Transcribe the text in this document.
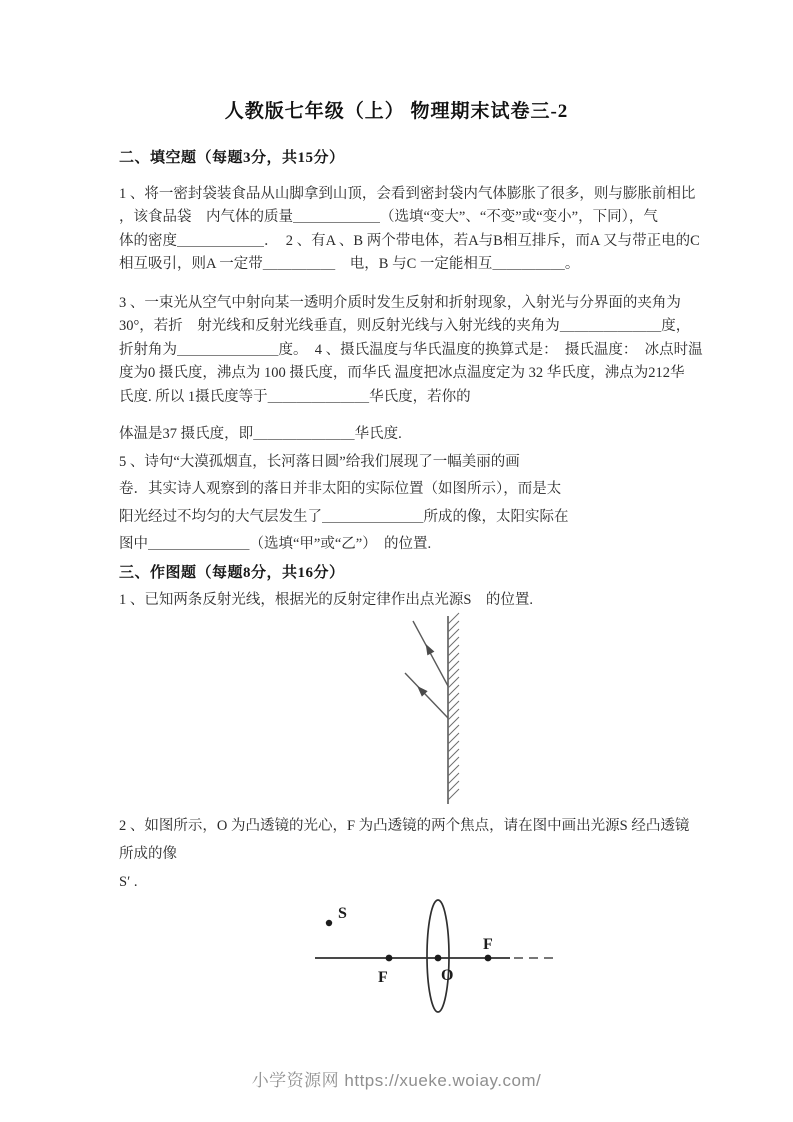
人教版七年级（上） 物理期末试卷三-2
二、填空题（每题3分，共15分）
1 、将一密封袋装食品从山脚拿到山顶，会看到密封袋内气体膨胀了很多，则与膨胀前相比
，该食品袋　内气体的质量＿＿＿＿＿＿（选填“变大”、“不变”或“变小”，下同），气
体的密度＿＿＿＿＿＿．　2 、有A 、B 两个带电体，若A与B相互排斥，而A 又与带正电的C
相互吸引，则A 一定带＿＿＿＿＿　电，B 与C 一定能相互＿＿＿＿＿。
3 、一束光从空气中射向某一透明介质时发生反射和折射现象，入射光与分界面的夹角为
30°，若折　射光线和反射光线垂直，则反射光线与入射光线的夹角为＿＿＿＿＿＿＿度，
折射角为＿＿＿＿＿＿＿度。　4 、摄氏温度与华氏温度的换算式是：　摄氏温度：　冰点时温
度为0 摄氏度，沸点为 100 摄氏度，而华氏 温度把冰点温度定为 32 华氏度，沸点为212华
氏度. 所以 1摄氏度等于＿＿＿＿＿＿＿华氏度，若你的
体温是37 摄氏度，即＿＿＿＿＿＿＿华氏度.
5 、诗句“大漠孤烟直，长河落日圆”给我们展现了一幅美丽的画
卷．其实诗人观察到的落日并非太阳的实际位置（如图所示），而是太
阳光经过不均匀的大气层发生了＿＿＿＿＿＿＿所成的像，太阳实际在
图中＿＿＿＿＿＿＿（选填“甲”或“乙”）　的位置.
三、作图题（每题8分，共16分）
1 、已知两条反射光线，根据光的反射定律作出点光源S　的位置.
2 、如图所示，O 为凸透镜的光心，F 为凸透镜的两个焦点，请在图中画出光源S 经凸透镜
所成的像
S′ .
S
F	O
F
小学资源网 https://xueke.woiay.com/
